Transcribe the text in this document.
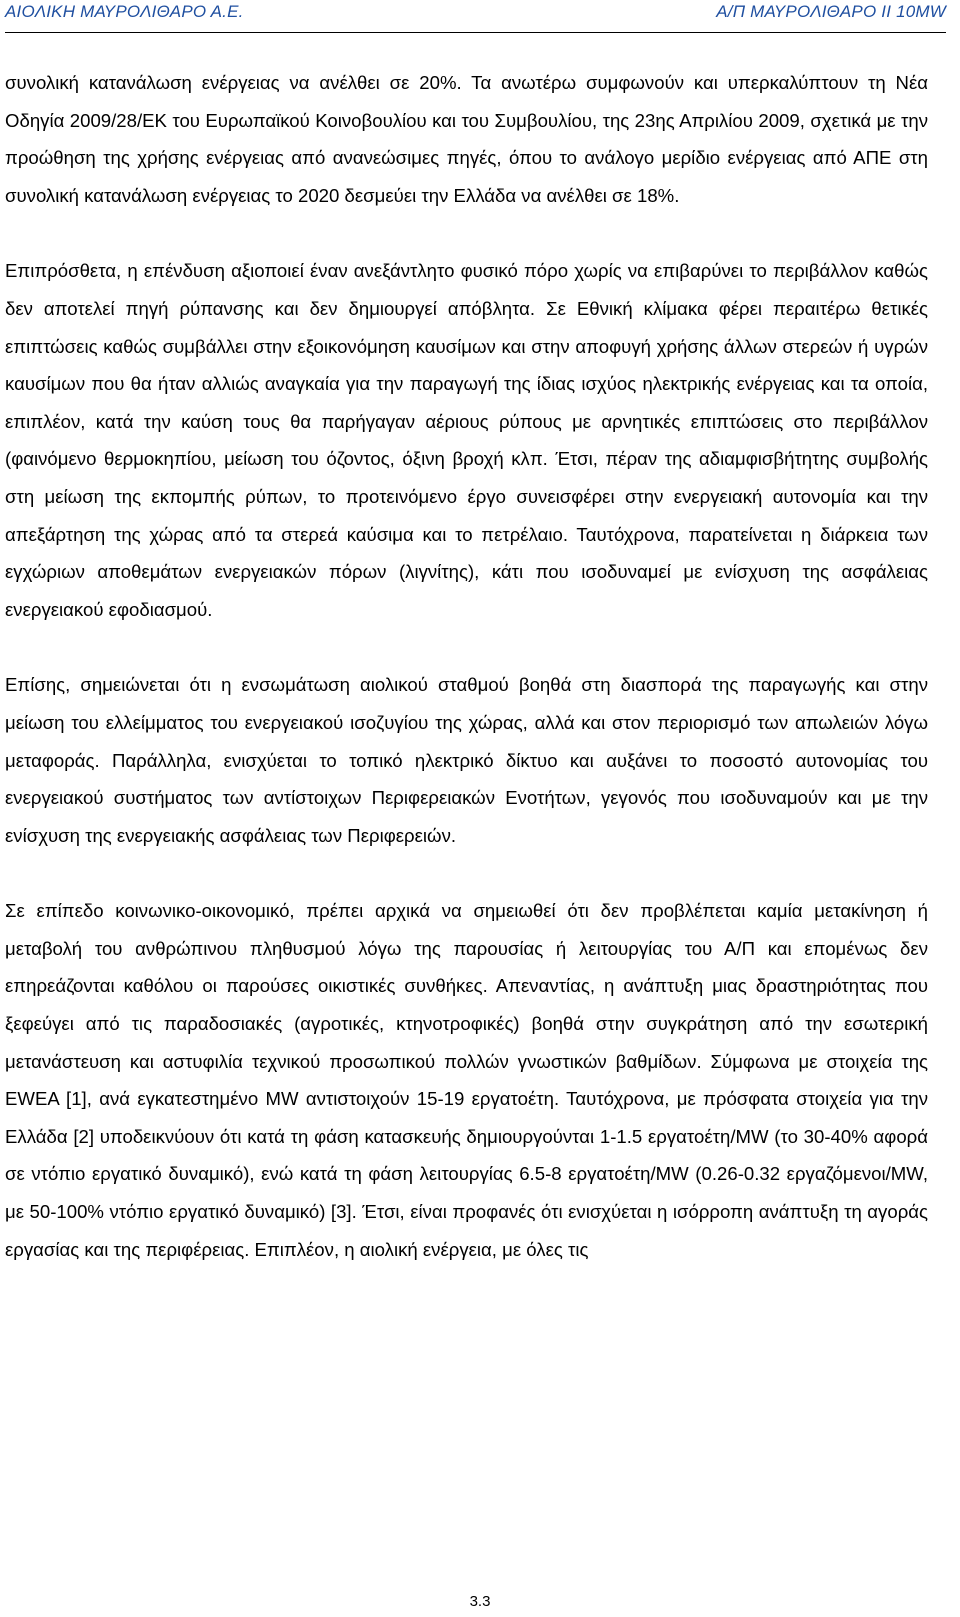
ΑΙΟΛΙΚΗ ΜΑΥΡΟΛΙΘΑΡΟ Α.Ε.	Α/Π ΜΑΥΡΟΛΙΘΑΡΟ ΙΙ 10MW

συνολική κατανάλωση ενέργειας να ανέλθει σε 20%. Τα ανωτέρω συμφωνούν και υπερκαλύπτουν τη Νέα Οδηγία 2009/28/ΕΚ του Ευρωπαϊκού Κοινοβουλίου και του Συμβουλίου, της 23ης Απριλίου 2009, σχετικά με την προώθηση της χρήσης ενέργειας από ανανεώσιμες πηγές, όπου το ανάλογο μερίδιο ενέργειας από ΑΠΕ στη συνολική κατανάλωση ενέργειας το 2020 δεσμεύει την Ελλάδα να ανέλθει σε 18%.

Επιπρόσθετα, η επένδυση αξιοποιεί έναν ανεξάντλητο φυσικό πόρο χωρίς να επιβαρύνει το περιβάλλον καθώς δεν αποτελεί πηγή ρύπανσης και δεν δημιουργεί απόβλητα. Σε Εθνική κλίμακα φέρει περαιτέρω θετικές επιπτώσεις καθώς συμβάλλει στην εξοικονόμηση καυσίμων και στην αποφυγή χρήσης άλλων στερεών ή υγρών καυσίμων που θα ήταν αλλιώς αναγκαία για την παραγωγή της ίδιας ισχύος ηλεκτρικής ενέργειας και τα οποία, επιπλέον, κατά την καύση τους θα παρήγαγαν αέριους ρύπους με αρνητικές επιπτώσεις στο περιβάλλον (φαινόμενο θερμοκηπίου, μείωση του όζοντος, όξινη βροχή κλπ. Έτσι, πέραν της αδιαμφισβήτητης συμβολής στη μείωση της εκπομπής ρύπων, το προτεινόμενο έργο συνεισφέρει στην ενεργειακή αυτονομία και την απεξάρτηση της χώρας από τα στερεά καύσιμα και το πετρέλαιο. Ταυτόχρονα, παρατείνεται η διάρκεια των εγχώριων αποθεμάτων ενεργειακών πόρων (λιγνίτης), κάτι που ισοδυναμεί με ενίσχυση της ασφάλειας ενεργειακού εφοδιασμού.

Επίσης, σημειώνεται ότι η ενσωμάτωση αιολικού σταθμού βοηθά στη διασπορά της παραγωγής και στην μείωση του ελλείμματος του ενεργειακού ισοζυγίου της χώρας, αλλά και στον περιορισμό των απωλειών λόγω μεταφοράς. Παράλληλα, ενισχύεται το τοπικό ηλεκτρικό δίκτυο και αυξάνει το ποσοστό αυτονομίας του ενεργειακού συστήματος των αντίστοιχων Περιφερειακών Ενοτήτων, γεγονός που ισοδυναμούν και με την ενίσχυση της ενεργειακής ασφάλειας των Περιφερειών.

Σε επίπεδο κοινωνικο-οικονομικό, πρέπει αρχικά να σημειωθεί ότι δεν προβλέπεται καμία μετακίνηση ή μεταβολή του ανθρώπινου πληθυσμού λόγω της παρουσίας ή λειτουργίας του Α/Π και επομένως δεν επηρεάζονται καθόλου οι παρούσες οικιστικές συνθήκες. Απεναντίας, η ανάπτυξη μιας δραστηριότητας που ξεφεύγει από τις παραδοσιακές (αγροτικές, κτηνοτροφικές) βοηθά στην συγκράτηση από την εσωτερική μετανάστευση και αστυφιλία τεχνικού προσωπικού πολλών γνωστικών βαθμίδων. Σύμφωνα με στοιχεία της EWEA [1], ανά εγκατεστημένο MW αντιστοιχούν 15-19 εργατοέτη. Ταυτόχρονα, με πρόσφατα στοιχεία για την Ελλάδα [2] υποδεικνύουν ότι κατά τη φάση κατασκευής δημιουργούνται 1-1.5 εργατοέτη/MW (το 30-40% αφορά σε ντόπιο εργατικό δυναμικό), ενώ κατά τη φάση λειτουργίας 6.5-8 εργατοέτη/MW (0.26-0.32 εργαζόμενοι/MW, με 50-100% ντόπιο εργατικό δυναμικό) [3]. Έτσι, είναι προφανές ότι ενισχύεται η ισόρροπη ανάπτυξη τη αγοράς εργασίας και της περιφέρειας. Επιπλέον, η αιολική ενέργεια, με όλες τις

3.3
